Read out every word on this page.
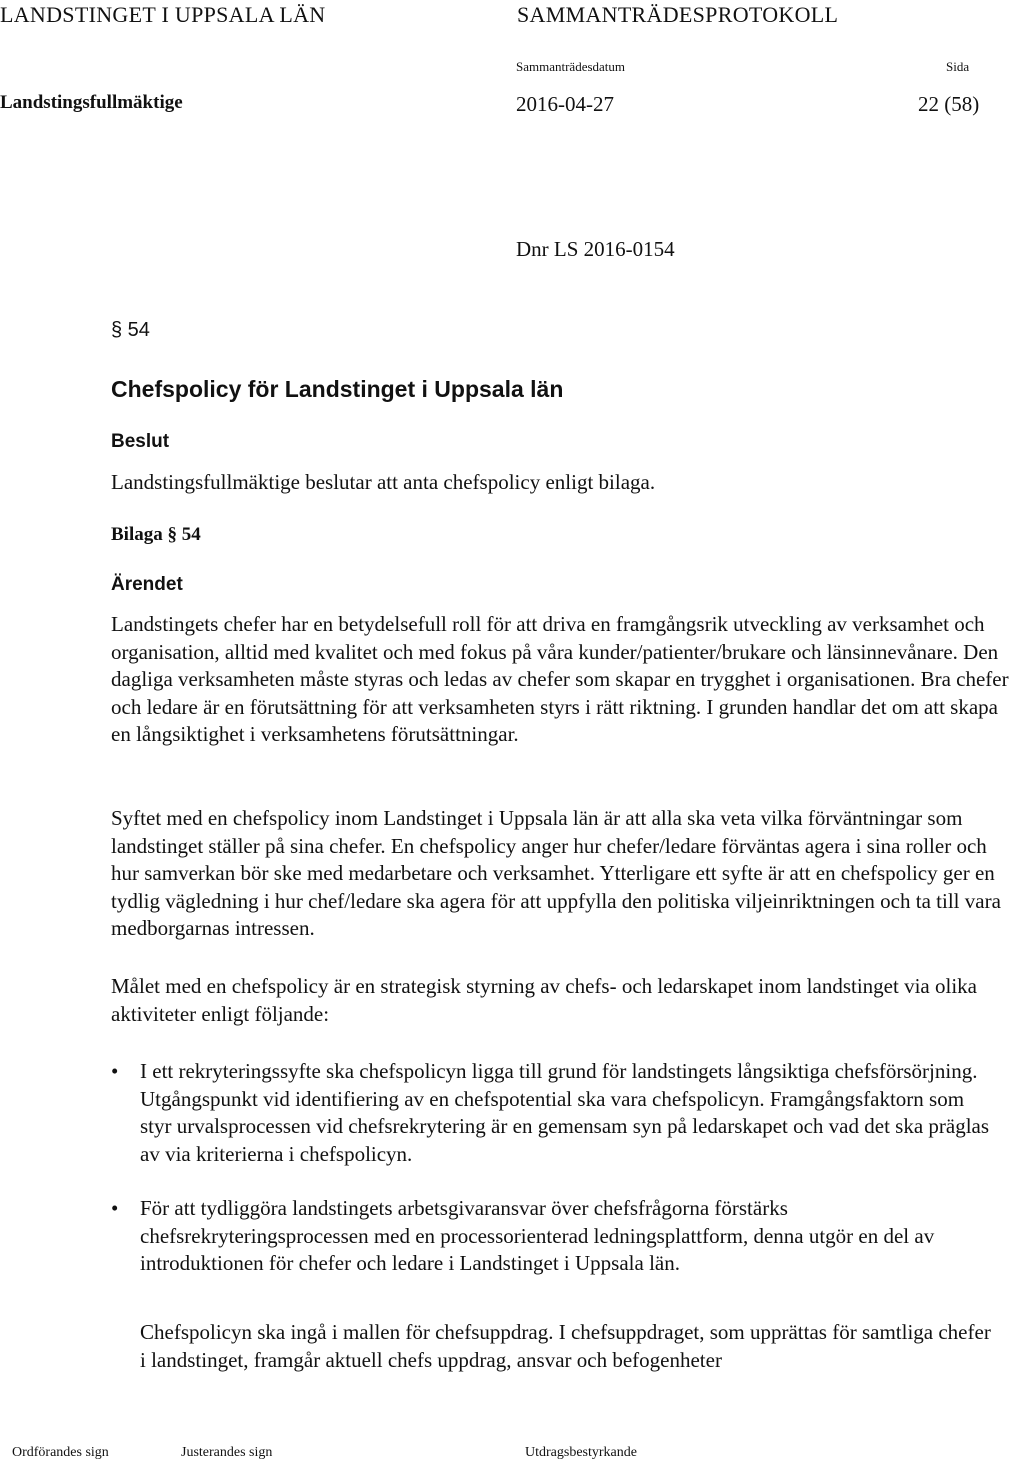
LANDSTINGET I UPPSALA LÄN	SAMMANTRÄDESPROTOKOLL
Sammanträdesdatum	Sida
Landstingsfullmäktige	2016-04-27	22 (58)
Dnr LS 2016-0154
§ 54
Chefspolicy för Landstinget i Uppsala län
Beslut
Landstingsfullmäktige beslutar att anta chefspolicy enligt bilaga.
Bilaga § 54
Ärendet

Landstingets chefer har en betydelsefull roll för att driva en framgångsrik utveckling av verksamhet och organisation, alltid med kvalitet och med fokus på våra kunder/patienter/brukare och länsinnevånare. Den dagliga verksamheten måste styras och ledas av chefer som skapar en trygghet i organisationen. Bra chefer och ledare är en förutsättning för att verksamheten styrs i rätt riktning. I grunden handlar det om att skapa en långsiktighet i verksamhetens förutsättningar.

Syftet med en chefspolicy inom Landstinget i Uppsala län är att alla ska veta vilka förväntningar som landstinget ställer på sina chefer. En chefspolicy anger hur chefer/ledare förväntas agera i sina roller och hur samverkan bör ske med medarbetare och verksamhet. Ytterligare ett syfte är att en chefspolicy ger en tydlig vägledning i hur chef/ledare ska agera för att uppfylla den politiska viljeinriktningen och ta till vara medborgarnas intressen.

Målet med en chefspolicy är en strategisk styrning av chefs- och ledarskapet inom landstinget via olika aktiviteter enligt följande:

• I ett rekryteringssyfte ska chefspolicyn ligga till grund för landstingets långsiktiga chefsförsörjning. Utgångspunkt vid identifiering av en chefspotential ska vara chefspolicyn. Framgångsfaktorn som styr urvalsprocessen vid chefsrekrytering är en gemensam syn på ledarskapet och vad det ska präglas av via kriterierna i chefspolicyn.
• För att tydliggöra landstingets arbetsgivaransvar över chefsfrågorna förstärks chefsrekryteringsprocessen med en processorienterad ledningsplattform, denna utgör en del av introduktionen för chefer och ledare i Landstinget i Uppsala län.

Chefspolicyn ska ingå i mallen för chefsuppdrag. I chefsuppdraget, som upprättas för samtliga chefer i landstinget, framgår aktuell chefs uppdrag, ansvar och befogenheter

Ordförandes sign	Justerandes sign	Utdragsbestyrkande
